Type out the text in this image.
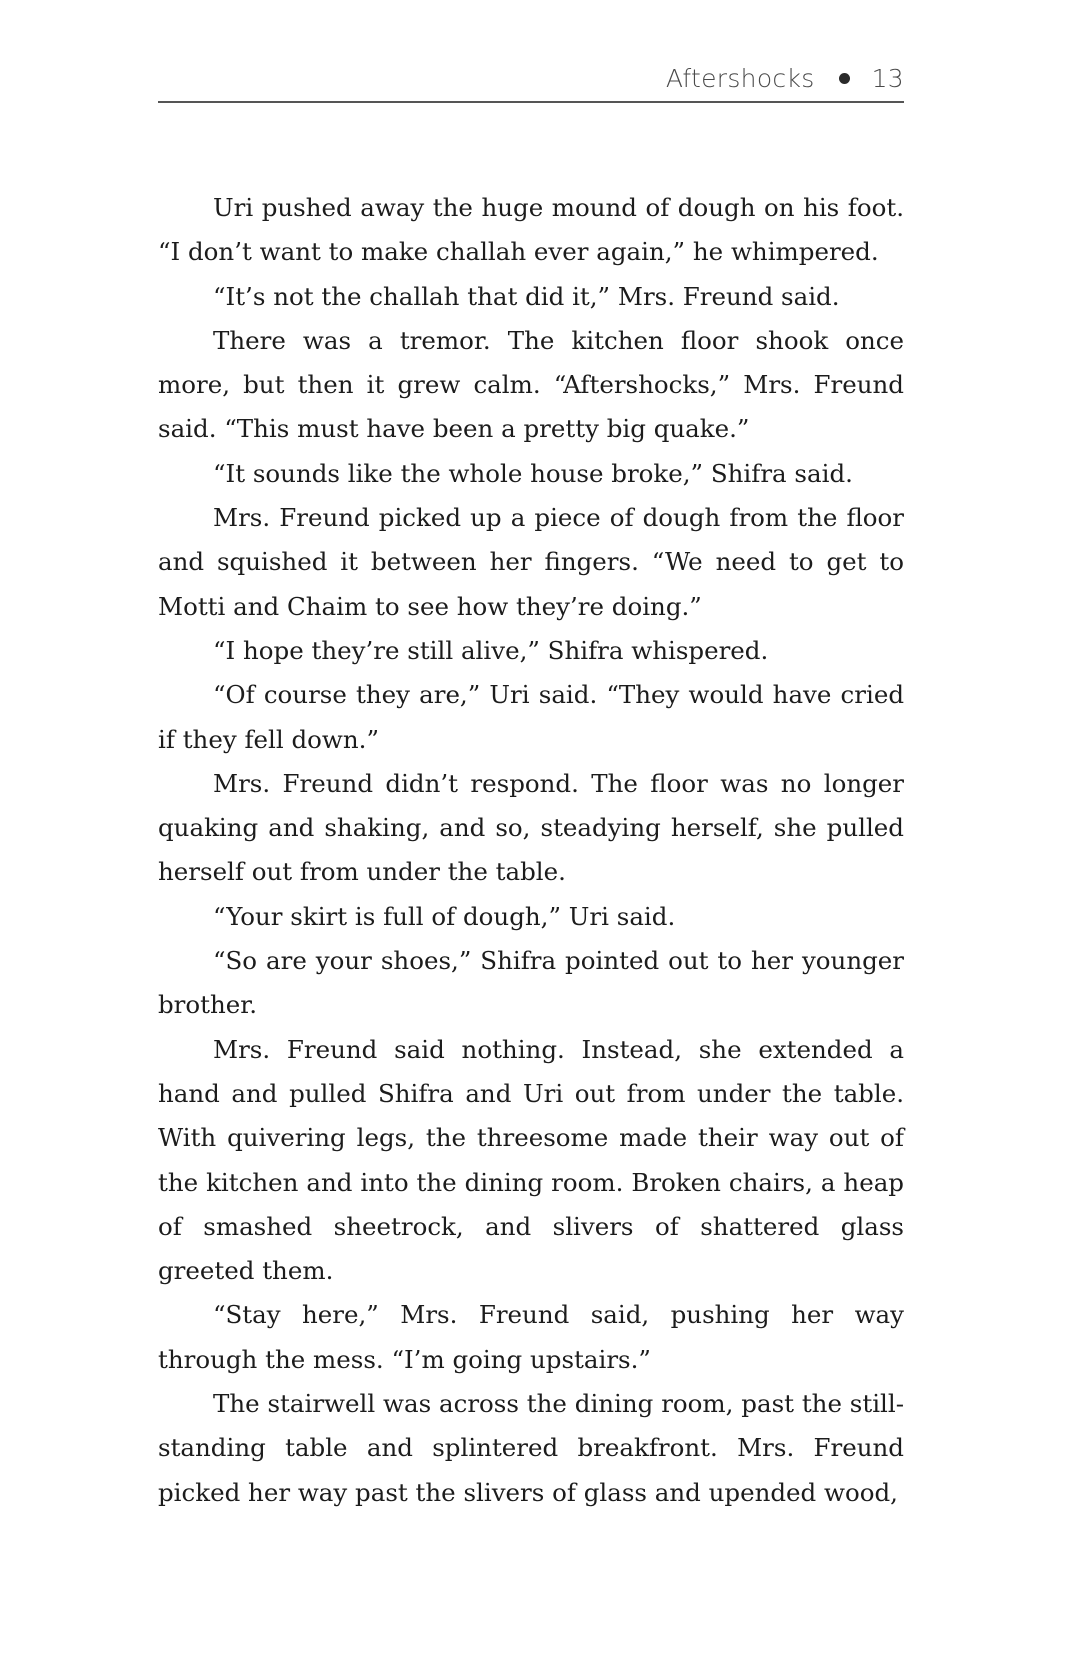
Aftershocks 13

Uri pushed away the huge mound of dough on his foot. “I don’t want to make challah ever again,” he whimpered.

“It’s not the challah that did it,” Mrs. Freund said.

There was a tremor. The kitchen floor shook once more, but then it grew calm. “Aftershocks,” Mrs. Freund said. “This must have been a pretty big quake.”

“It sounds like the whole house broke,” Shifra said.

Mrs. Freund picked up a piece of dough from the floor and squished it between her fingers. “We need to get to Motti and Chaim to see how they’re doing.”

“I hope they’re still alive,” Shifra whispered.

“Of course they are,” Uri said. “They would have cried if they fell down.”

Mrs. Freund didn’t respond. The floor was no longer quaking and shaking, and so, steadying herself, she pulled herself out from under the table.

“Your skirt is full of dough,” Uri said.

“So are your shoes,” Shifra pointed out to her younger brother.

Mrs. Freund said nothing. Instead, she extended a hand and pulled Shifra and Uri out from under the table. With quivering legs, the threesome made their way out of the kitchen and into the dining room. Broken chairs, a heap of smashed sheetrock, and slivers of shattered glass greeted them.

“Stay here,” Mrs. Freund said, pushing her way through the mess. “I’m going upstairs.”

The stairwell was across the dining room, past the still-standing table and splintered breakfront. Mrs. Freund picked her way past the slivers of glass and upended wood,
